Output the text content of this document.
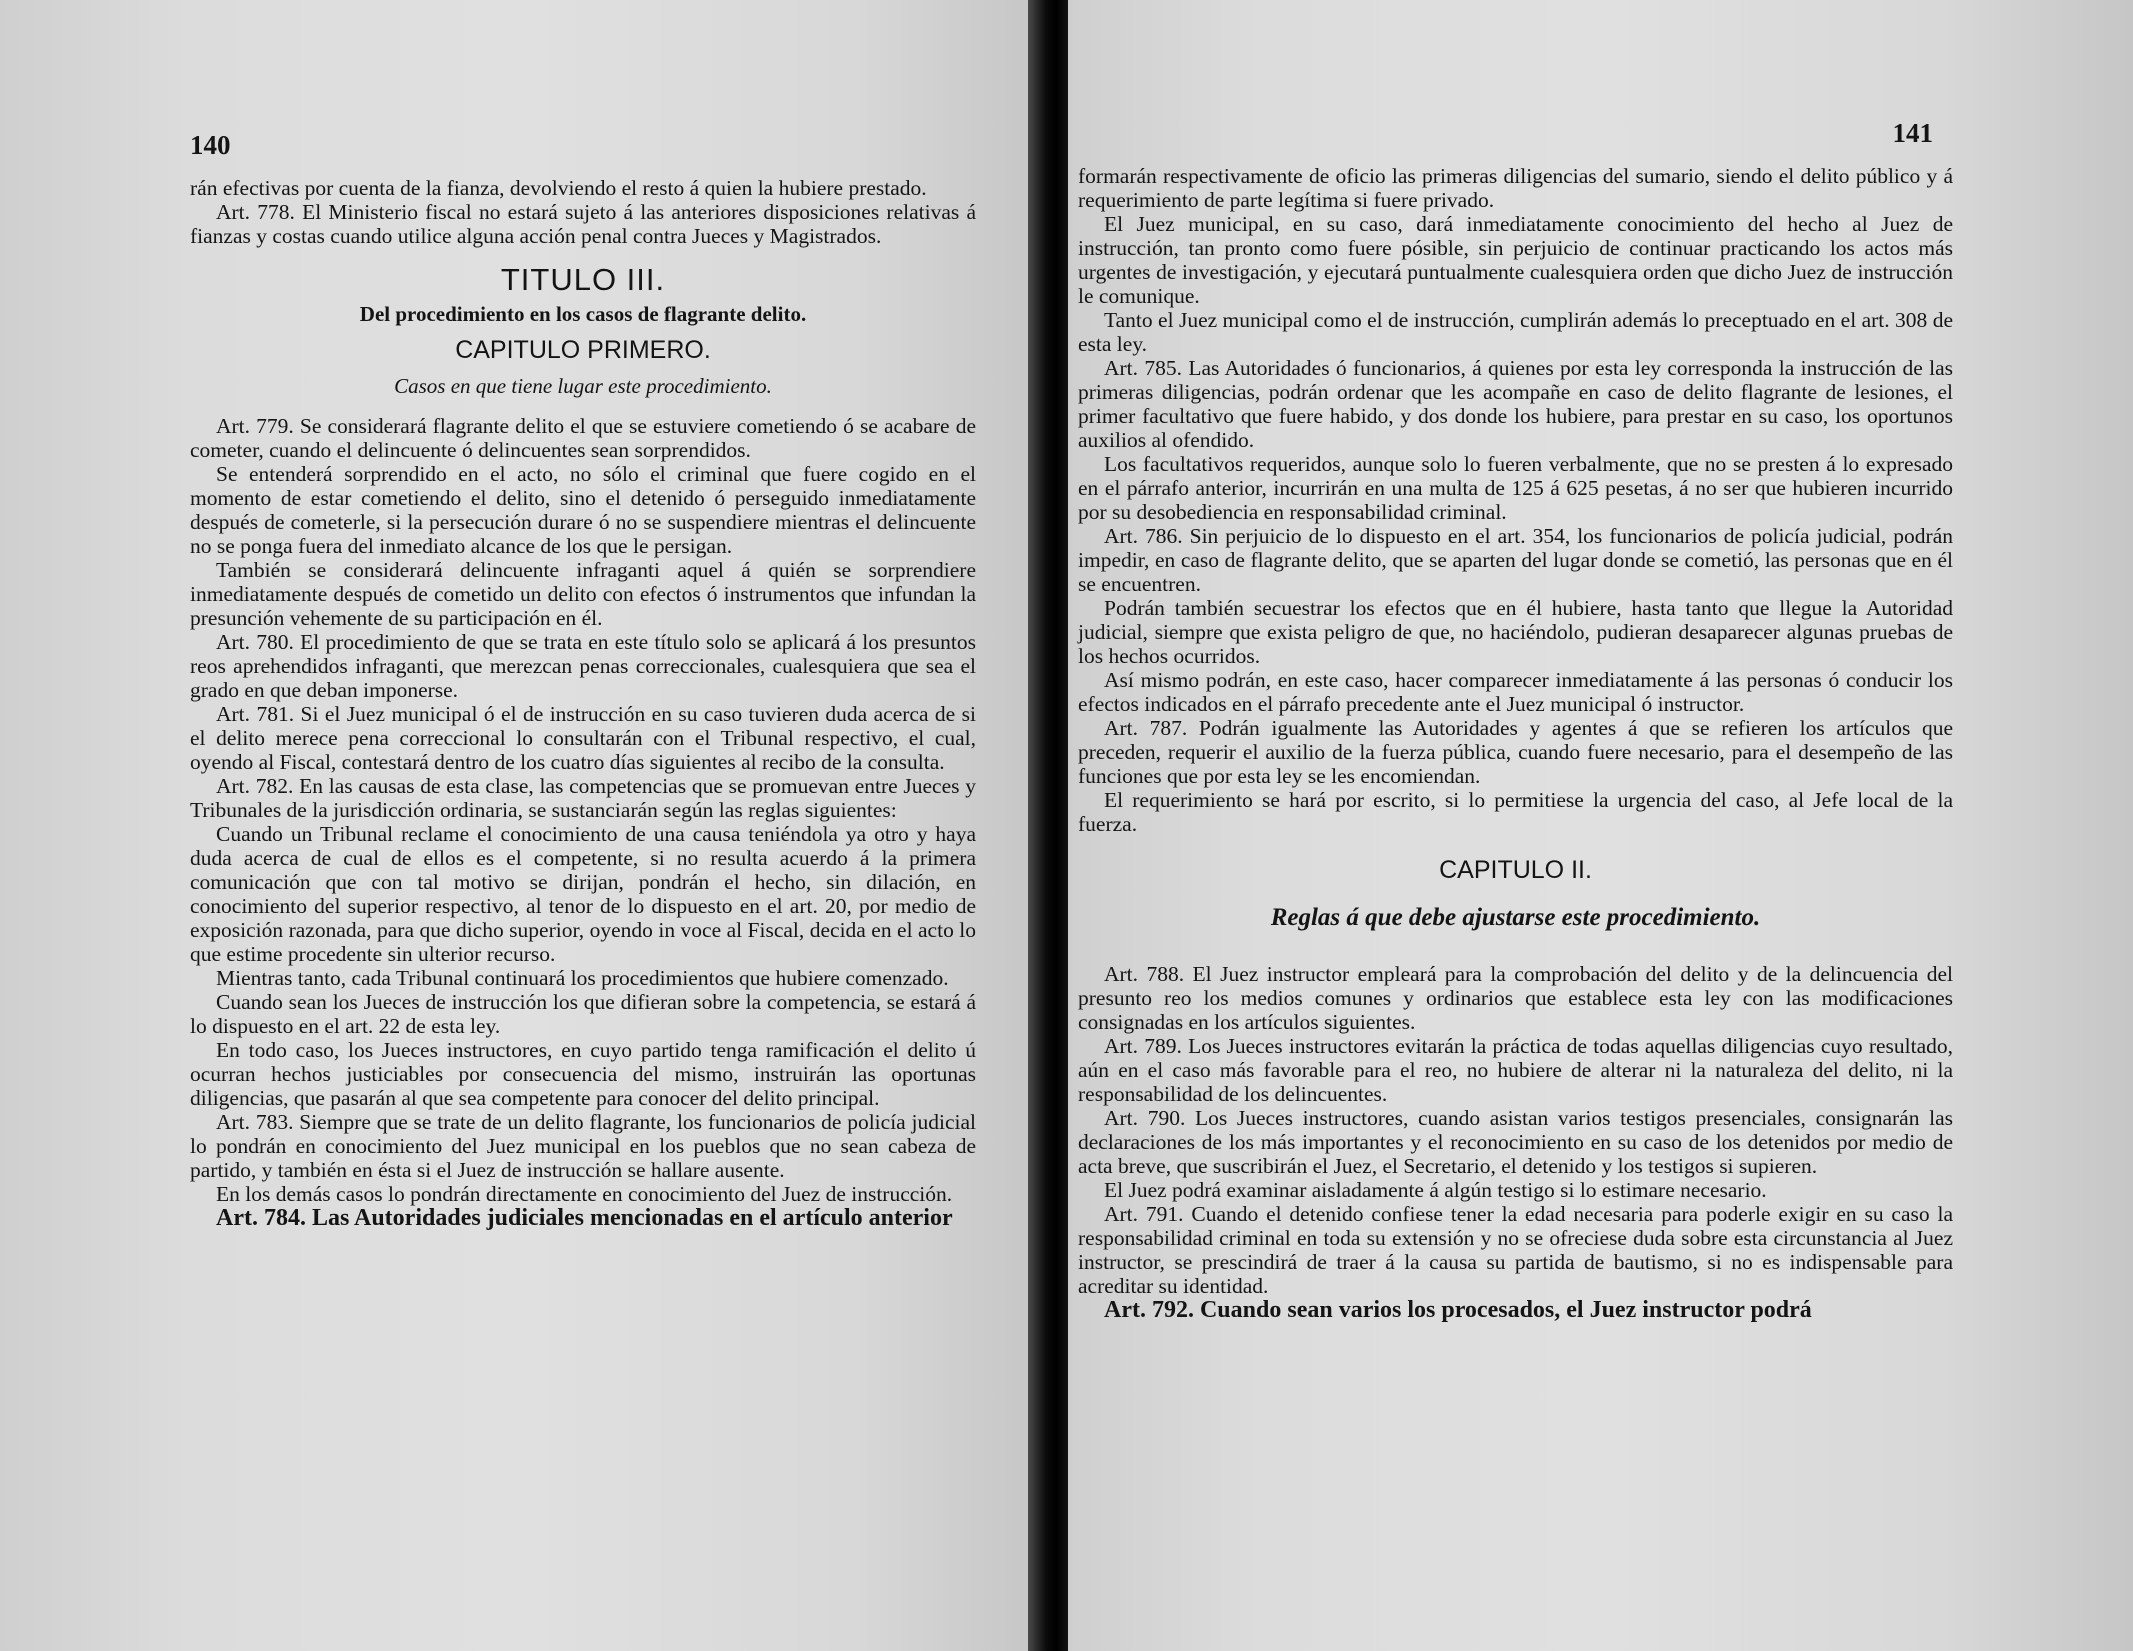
140

rán efectivas por cuenta de la fianza, devolviendo el resto á quien la hubiere prestado.

Art. 778. El Ministerio fiscal no estará sujeto á las anteriores disposiciones relativas á fianzas y costas cuando utilice alguna acción penal contra Jueces y Magistrados.

TITULO III.
Del procedimiento en los casos de flagrante delito.
CAPITULO PRIMERO.
Casos en que tiene lugar este procedimiento.

Art. 779. Se considerará flagrante delito el que se estuviere cometiendo ó se acabare de cometer, cuando el delincuente ó delincuentes sean sorprendidos.

Se entenderá sorprendido en el acto, no sólo el criminal que fuere cogido en el momento de estar cometiendo el delito, sino el detenido ó perseguido inmediatamente después de cometerle, si la persecución durare ó no se suspendiere mientras el delincuente no se ponga fuera del inmediato alcance de los que le persigan.

También se considerará delincuente infraganti aquel á quién se sorprendiere inmediatamente después de cometido un delito con efectos ó instrumentos que infundan la presunción vehemente de su participación en él.

Art. 780. El procedimiento de que se trata en este título solo se aplicará á los presuntos reos aprehendidos infraganti, que merezcan penas correccionales, cualesquiera que sea el grado en que deban imponerse.

Art. 781. Si el Juez municipal ó el de instrucción en su caso tuvieren duda acerca de si el delito merece pena correccional lo consultarán con el Tribunal respectivo, el cual, oyendo al Fiscal, contestará dentro de los cuatro días siguientes al recibo de la consulta.

Art. 782. En las causas de esta clase, las competencias que se promuevan entre Jueces y Tribunales de la jurisdicción ordinaria, se sustanciarán según las reglas siguientes:

Cuando un Tribunal reclame el conocimiento de una causa teniéndola ya otro y haya duda acerca de cual de ellos es el competente, si no resulta acuerdo á la primera comunicación que con tal motivo se dirijan, pondrán el hecho, sin dilación, en conocimiento del superior respectivo, al tenor de lo dispuesto en el art. 20, por medio de exposición razonada, para que dicho superior, oyendo in voce al Fiscal, decida en el acto lo que estime procedente sin ulterior recurso.

Mientras tanto, cada Tribunal continuará los procedimientos que hubiere comenzado.

Cuando sean los Jueces de instrucción los que difieran sobre la competencia, se estará á lo dispuesto en el art. 22 de esta ley.

En todo caso, los Jueces instructores, en cuyo partido tenga ramificación el delito ú ocurran hechos justiciables por consecuencia del mismo, instruirán las oportunas diligencias, que pasarán al que sea competente para conocer del delito principal.

Art. 783. Siempre que se trate de un delito flagrante, los funcionarios de policía judicial lo pondrán en conocimiento del Juez municipal en los pueblos que no sean cabeza de partido, y también en ésta si el Juez de instrucción se hallare ausente.

En los demás casos lo pondrán directamente en conocimiento del Juez de instrucción.

Art. 784. Las Autoridades judiciales mencionadas en el artículo anterior

141

formarán respectivamente de oficio las primeras diligencias del sumario, siendo el delito público y á requerimiento de parte legítima si fuere privado.

El Juez municipal, en su caso, dará inmediatamente conocimiento del hecho al Juez de instrucción, tan pronto como fuere pósible, sin perjuicio de continuar practicando los actos más urgentes de investigación, y ejecutará puntualmente cualesquiera orden que dicho Juez de instrucción le comunique.

Tanto el Juez municipal como el de instrucción, cumplirán además lo preceptuado en el art. 308 de esta ley.

Art. 785. Las Autoridades ó funcionarios, á quienes por esta ley corresponda la instrucción de las primeras diligencias, podrán ordenar que les acompañe en caso de delito flagrante de lesiones, el primer facultativo que fuere habido, y dos donde los hubiere, para prestar en su caso, los oportunos auxilios al ofendido.

Los facultativos requeridos, aunque solo lo fueren verbalmente, que no se presten á lo expresado en el párrafo anterior, incurrirán en una multa de 125 á 625 pesetas, á no ser que hubieren incurrido por su desobediencia en responsabilidad criminal.

Art. 786. Sin perjuicio de lo dispuesto en el art. 354, los funcionarios de policía judicial, podrán impedir, en caso de flagrante delito, que se aparten del lugar donde se cometió, las personas que en él se encuentren.

Podrán también secuestrar los efectos que en él hubiere, hasta tanto que llegue la Autoridad judicial, siempre que exista peligro de que, no haciéndolo, pudieran desaparecer algunas pruebas de los hechos ocurridos.

Así mismo podrán, en este caso, hacer comparecer inmediatamente á las personas ó conducir los efectos indicados en el párrafo precedente ante el Juez municipal ó instructor.

Art. 787. Podrán igualmente las Autoridades y agentes á que se refieren los artículos que preceden, requerir el auxilio de la fuerza pública, cuando fuere necesario, para el desempeño de las funciones que por esta ley se les encomiendan.

El requerimiento se hará por escrito, si lo permitiese la urgencia del caso, al Jefe local de la fuerza.

CAPITULO II.
Reglas á que debe ajustarse este procedimiento.

Art. 788. El Juez instructor empleará para la comprobación del delito y de la delincuencia del presunto reo los medios comunes y ordinarios que establece esta ley con las modificaciones consignadas en los artículos siguientes.

Art. 789. Los Jueces instructores evitarán la práctica de todas aquellas diligencias cuyo resultado, aún en el caso más favorable para el reo, no hubiere de alterar ni la naturaleza del delito, ni la responsabilidad de los delincuentes.

Art. 790. Los Jueces instructores, cuando asistan varios testigos presenciales, consignarán las declaraciones de los más importantes y el reconocimiento en su caso de los detenidos por medio de acta breve, que suscribirán el Juez, el Secretario, el detenido y los testigos si supieren.

El Juez podrá examinar aisladamente á algún testigo si lo estimare necesario.

Art. 791. Cuando el detenido confiese tener la edad necesaria para poderle exigir en su caso la responsabilidad criminal en toda su extensión y no se ofreciese duda sobre esta circunstancia al Juez instructor, se prescindirá de traer á la causa su partida de bautismo, si no es indispensable para acreditar su identidad.

Art. 792. Cuando sean varios los procesados, el Juez instructor podrá
